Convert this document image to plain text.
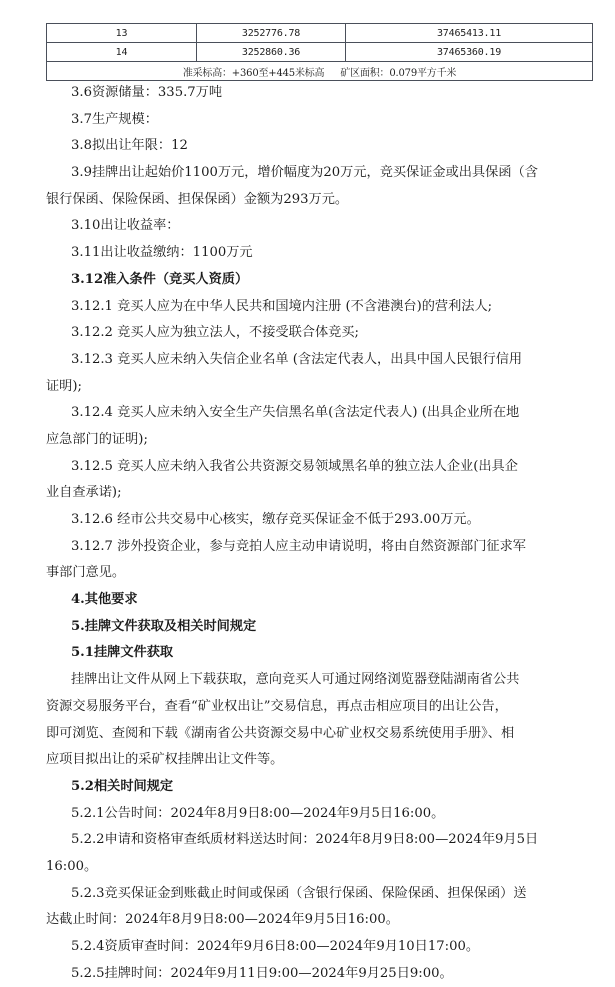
13	3252776.78	37465413.11
14	3252860.36	37465360.19
准采标高：+360至+445米标高 矿区面积：0.079平方千米		
3.6资源储量：335.7万吨
3.7生产规模：
3.8拟出让年限：12
3.9挂牌出让起始价1100万元，增价幅度为20万元，竞买保证金或出具保函（含
银行保函、保险保函、担保保函）金额为293万元。
3.10出让收益率：
3.11出让收益缴纳：1100万元
3.12准入条件（竞买人资质）
3.12.1 竞买人应为在中华人民共和国境内注册 (不含港澳台)的营利法人;
3.12.2 竞买人应为独立法人，不接受联合体竞买;
3.12.3 竞买人应未纳入失信企业名单 (含法定代表人，出具中国人民银行信用
证明);
3.12.4 竞买人应未纳入安全生产失信黑名单(含法定代表人) (出具企业所在地
应急部门的证明);
3.12.5 竞买人应未纳入我省公共资源交易领域黑名单的独立法人企业(出具企
业自查承诺);
3.12.6 经市公共交易中心核实，缴存竞买保证金不低于293.00万元。
3.12.7 涉外投资企业，参与竞拍人应主动申请说明，将由自然资源部门征求军
事部门意见。
4.其他要求
5.挂牌文件获取及相关时间规定
5.1挂牌文件获取
挂牌出让文件从网上下载获取，意向竞买人可通过网络浏览器登陆湖南省公共
资源交易服务平台，查看“矿业权出让”交易信息，再点击相应项目的出让公告，
即可浏览、查阅和下载《湖南省公共资源交易中心矿业权交易系统使用手册》、相
应项目拟出让的采矿权挂牌出让文件等。
5.2相关时间规定
5.2.1公告时间：2024年8月9日8:00—2024年9月5日16:00。
5.2.2申请和资格审查纸质材料送达时间：2024年8月9日8:00—2024年9月5日
16:00。
5.2.3竞买保证金到账截止时间或保函（含银行保函、保险保函、担保保函）送
达截止时间：2024年8月9日8:00—2024年9月5日16:00。
5.2.4资质审查时间：2024年9月6日8:00—2024年9月10日17:00。
5.2.5挂牌时间：2024年9月11日9:00—2024年9月25日9:00。
